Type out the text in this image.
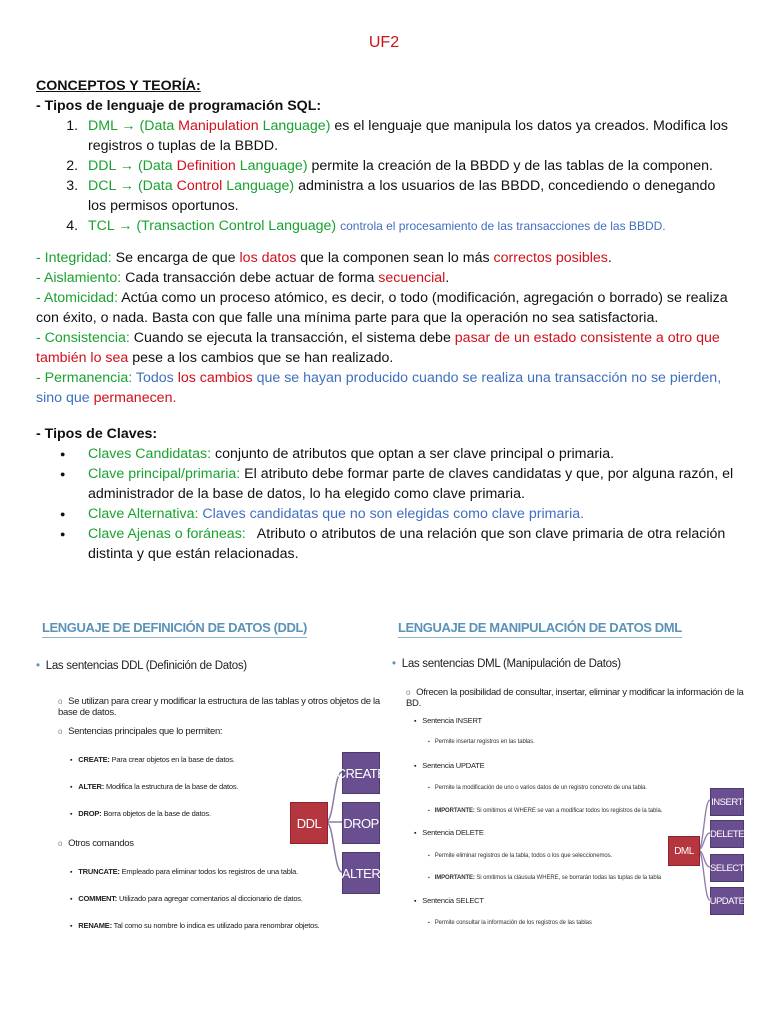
UF2
CONCEPTOS Y TEORÍA:
- Tipos de lenguaje de programación SQL:
1. DML → (Data Manipulation Language) es el lenguaje que manipula los datos ya creados. Modifica los registros o tuplas de la BBDD.
2. DDL → (Data Definition Language) permite la creación de la BBDD y de las tablas de la componen.
3. DCL → (Data Control Language) administra a los usuarios de las BBDD, concediendo o denegando los permisos oportunos.
4. TCL → (Transaction Control Language) controla el procesamiento de las transacciones de las BBDD.
- Integridad: Se encarga de que los datos que la componen sean lo más correctos posibles.
- Aislamiento: Cada transacción debe actuar de forma secuencial.
- Atomicidad: Actúa como un proceso atómico, es decir, o todo (modificación, agregación o borrado) se realiza con éxito, o nada. Basta con que falle una mínima parte para que la operación no sea satisfactoria.
- Consistencia: Cuando se ejecuta la transacción, el sistema debe pasar de un estado consistente a otro que también lo sea pese a los cambios que se han realizado.
- Permanencia: Todos los cambios que se hayan producido cuando se realiza una transacción no se pierden, sino que permanecen.
- Tipos de Claves:
● Claves Candidatas: conjunto de atributos que optan a ser clave principal o primaria.
● Clave principal/primaria: El atributo debe formar parte de claves candidatas y que, por alguna razón, el administrador de la base de datos, lo ha elegido como clave primaria.
● Clave Alternativa: Claves candidatas que no son elegidas como clave primaria.
● Clave Ajenas o foráneas:   Atributo o atributos de una relación que son clave primaria de otra relación distinta y que están relacionadas.
LENGUAJE DE DEFINICIÓN DE DATOS (DDL)
• Las sentencias DDL (Definición de Datos)
o Se utilizan para crear y modificar la estructura de las tablas y otros objetos de la base de datos.
o Sentencias principales que lo permiten:
▪ CREATE: Para crear objetos en la base de datos.
▪ ALTER: Modifica la estructura de la base de datos.
▪ DROP: Borra objetos de la base de datos.
o Otros comandos
▪ TRUNCATE: Empleado para eliminar todos los registros de una tabla.
▪ COMMENT: Utilizado para agregar comentarios al diccionario de datos.
▪ RENAME: Tal como su nombre lo indica es utilizado para renombrar objetos.
DDL
CREATE
DROP
ALTER
LENGUAJE DE MANIPULACIÓN DE DATOS DML
• Las sentencias DML (Manipulación de Datos)
o Ofrecen la posibilidad de consultar, insertar, eliminar y modificar la información de la BD.
▪ Sentencia INSERT
▪ Permite insertar registros en las tablas.
▪ Sentencia UPDATE
▪ Permite la modificación de uno o varios datos de un registro concreto de una tabla.
▪ IMPORTANTE: Si omitimos el WHERE se van a modificar todos los registros de la tabla.
▪ Sentencia DELETE
▪ Permite eliminar registros de la tabla, todos o los que seleccionemos.
▪ IMPORTANTE: Si omitimos la cláusula WHERE, se borrarán todas las tuplas de la tabla
▪ Sentencia SELECT
▪ Permite consultar la información de los registros de las tablas
DML
INSERT
DELETE
SELECT
UPDATE
